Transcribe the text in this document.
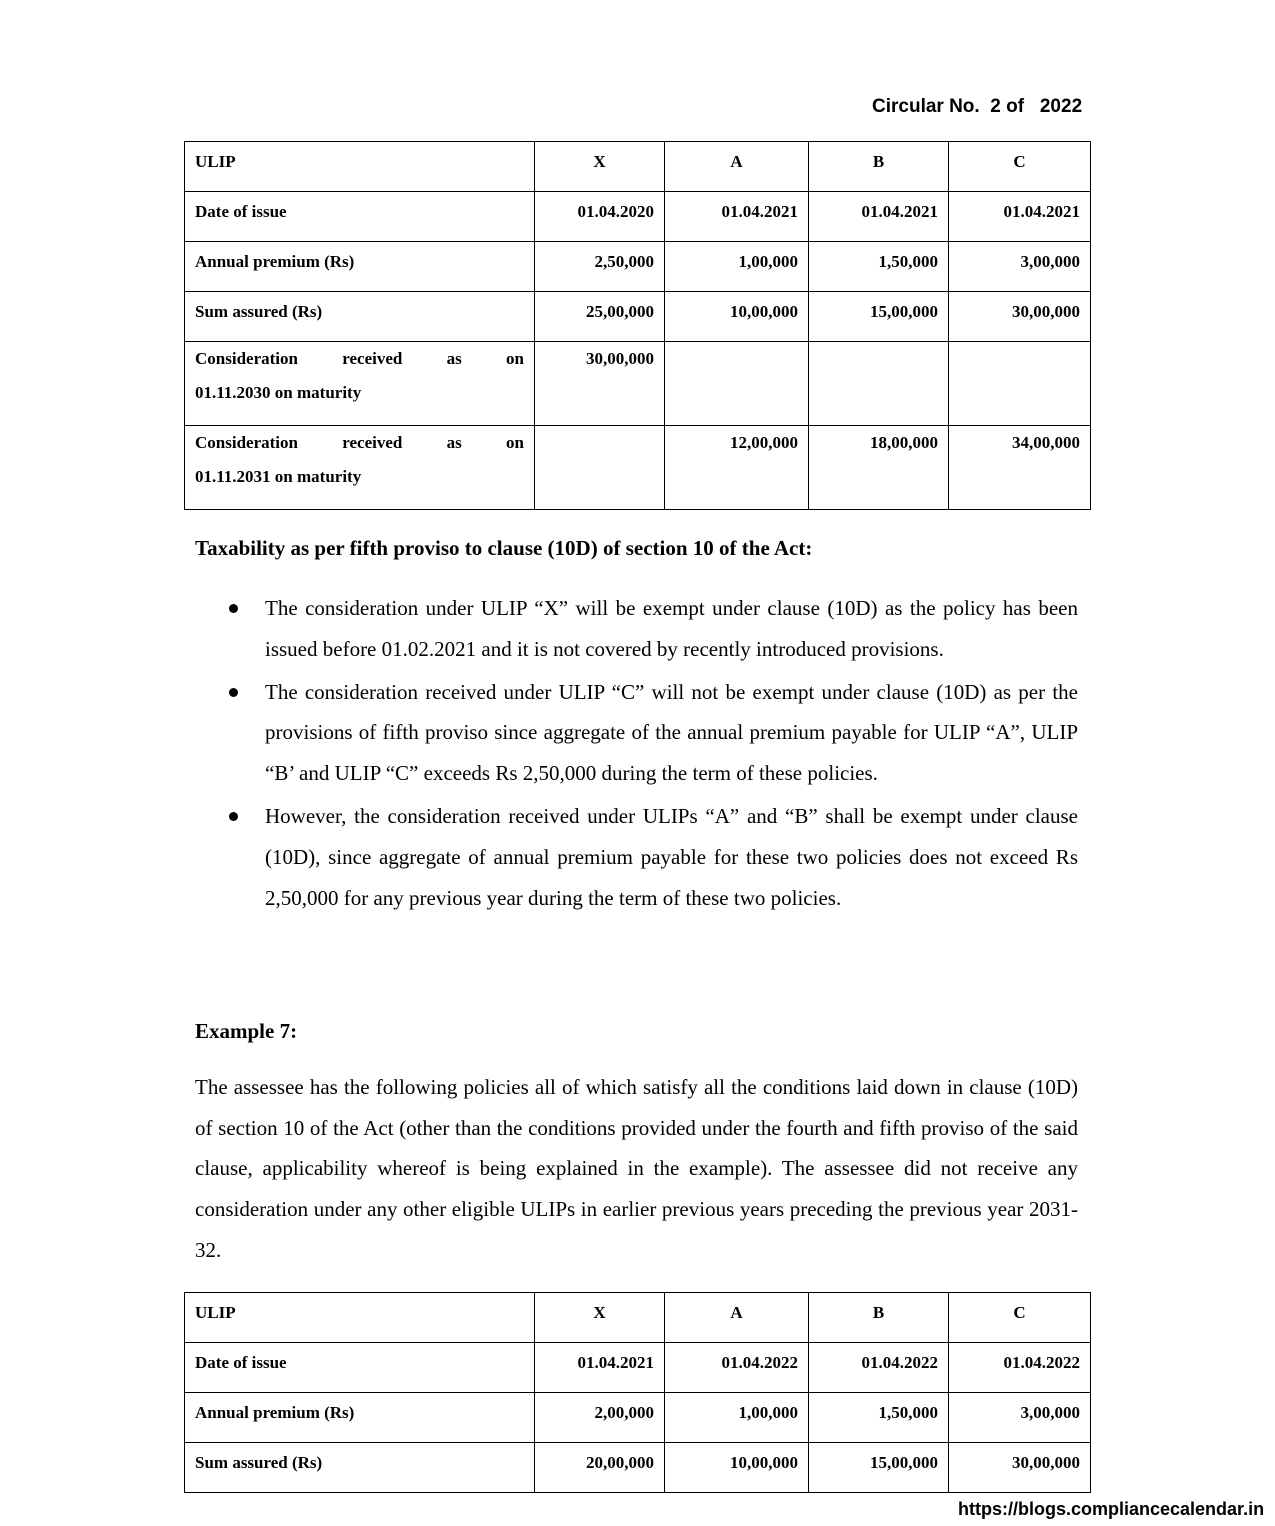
Circular No.  2 of   2022
ULIP	X	A	B	C
Date of issue	01.04.2020	01.04.2021	01.04.2021	01.04.2021
Annual premium (Rs)	2,50,000	1,00,000	1,50,000	3,00,000
Sum assured (Rs)	25,00,000	10,00,000	15,00,000	30,00,000

Consideration received as on
01.11.2030 on maturity	30,00,000			

Consideration received as on
01.11.2031 on maturity		12,00,000	18,00,000	34,00,000
Taxability as per fifth proviso to clause (10D) of section 10 of the Act:
The consideration under ULIP “X” will be exempt under clause (10D) as the policy has been issued before 01.02.2021 and it is not covered by recently introduced provisions.
The consideration received under ULIP “C” will not be exempt under clause (10D) as per the provisions of fifth proviso since aggregate of the annual premium payable for ULIP “A”, ULIP “B’ and ULIP “C” exceeds Rs 2,50,000 during the term of these policies.
However, the consideration received under ULIPs “A” and “B” shall be exempt under clause (10D), since aggregate of annual premium payable for these two policies does not exceed Rs 2,50,000 for any previous year during the term of these two policies.
Example 7:

The assessee has the following policies all of which satisfy all the conditions laid down in clause (10D) of section 10 of the Act (other than the conditions provided under the fourth and fifth proviso of the said clause, applicability whereof is being explained in the example). The assessee did not receive any consideration under any other eligible ULIPs in earlier previous years preceding the previous year 2031-32.

ULIP	X	A	B	C
Date of issue	01.04.2021	01.04.2022	01.04.2022	01.04.2022
Annual premium (Rs)	2,00,000	1,00,000	1,50,000	3,00,000
Sum assured (Rs)	20,00,000	10,00,000	15,00,000	30,00,000
https://blogs.compliancecalendar.in
